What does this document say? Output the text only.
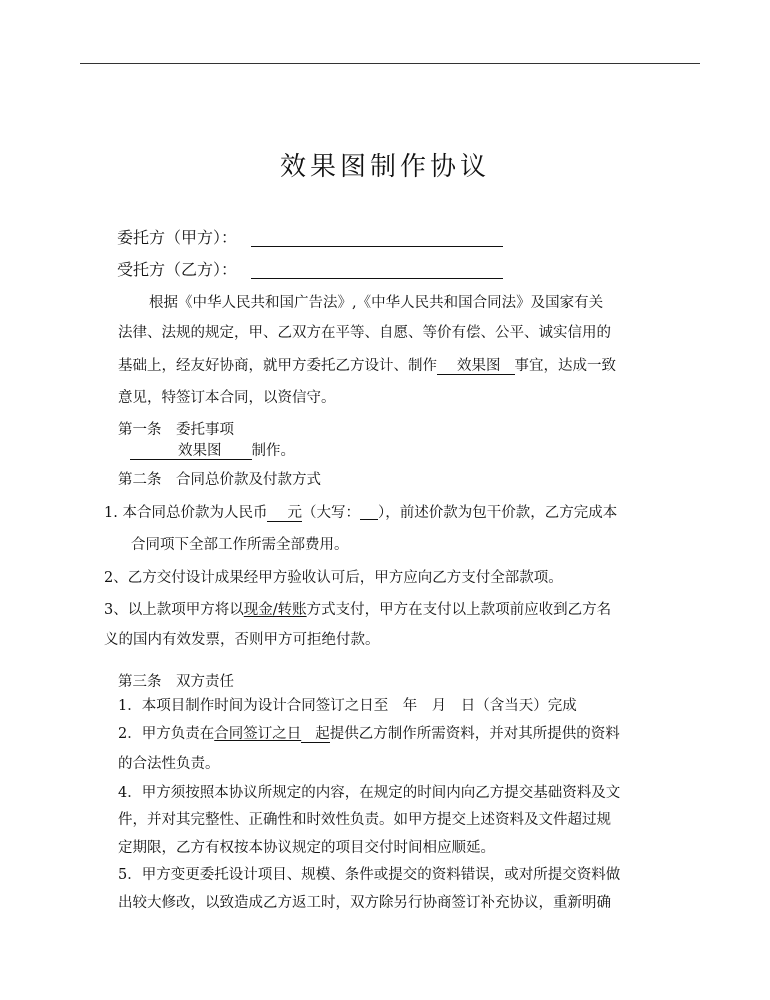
效果图制作协议
委托方（甲方）：
受托方（乙方）：
根据《中华人民共和国广告法》,《中华人民共和国合同法》及国家有关
法律、法规的规定，甲、乙双方在平等、自愿、等价有偿、公平、诚实信用的
基础上，经友好协商，就甲方委托乙方设计、制作 效果图 事宜，达成一致
意见，特签订本合同，以资信守。
第一条　委托事项
效果图 制作。
第二条　合同总价款及付款方式
1. 本合同总价款为人民币 元（大写： ），前述价款为包干价款，乙方完成本
合同项下全部工作所需全部费用。
2、乙方交付设计成果经甲方验收认可后，甲方应向乙方支付全部款项。
3、以上款项甲方将以现金/转账方式支付，甲方在支付以上款项前应收到乙方名
义的国内有效发票，否则甲方可拒绝付款。
第三条　双方责任
1．本项目制作时间为设计合同签订之日至　年　月　日（含当天）完成
2．甲方负责在合同签订之日 起提供乙方制作所需资料，并对其所提供的资料
的合法性负责。
4．甲方须按照本协议所规定的内容，在规定的时间内向乙方提交基础资料及文
件，并对其完整性、正确性和时效性负责。如甲方提交上述资料及文件超过规
定期限，乙方有权按本协议规定的项目交付时间相应顺延。
5．甲方变更委托设计项目、规模、条件或提交的资料错误，或对所提交资料做
出较大修改，以致造成乙方返工时，双方除另行协商签订补充协议，重新明确
